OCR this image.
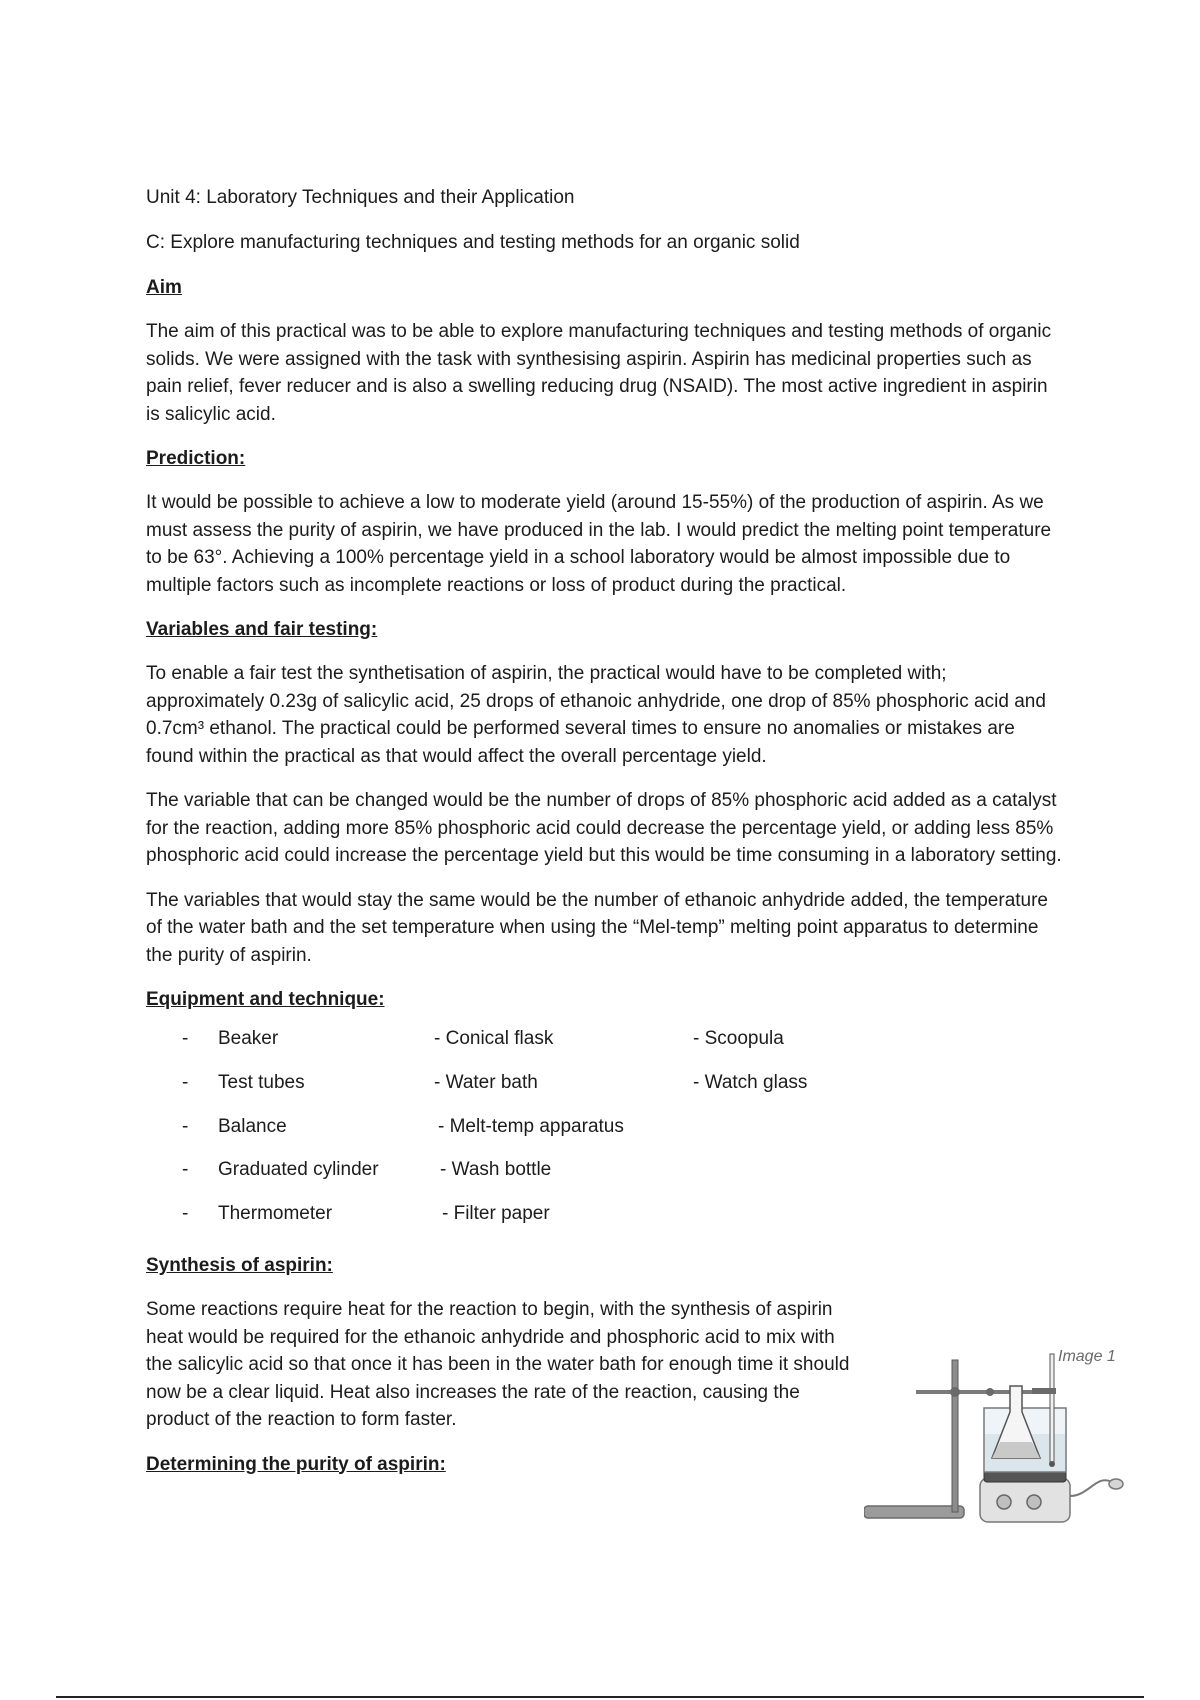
Unit 4: Laboratory Techniques and their Application
C: Explore manufacturing techniques and testing methods for an organic solid
Aim

The aim of this practical was to be able to explore manufacturing techniques and testing methods of organic solids. We were assigned with the task with synthesising aspirin. Aspirin has medicinal properties such as pain relief, fever reducer and is also a swelling reducing drug (NSAID). The most active ingredient in aspirin is salicylic acid.

Prediction:

It would be possible to achieve a low to moderate yield (around 15-55%) of the production of aspirin. As we must assess the purity of aspirin, we have produced in the lab. I would predict the melting point temperature to be 63°. Achieving a 100% percentage yield in a school laboratory would be almost impossible due to multiple factors such as incomplete reactions or loss of product during the practical.

Variables and fair testing:

To enable a fair test the synthetisation of aspirin, the practical would have to be completed with; approximately 0.23g of salicylic acid, 25 drops of ethanoic anhydride, one drop of 85% phosphoric acid and 0.7cm³ ethanol. The practical could be performed several times to ensure no anomalies or mistakes are found within the practical as that would affect the overall percentage yield.

The variable that can be changed would be the number of drops of 85% phosphoric acid added as a catalyst for the reaction, adding more 85% phosphoric acid could decrease the percentage yield, or adding less 85% phosphoric acid could increase the percentage yield but this would be time consuming in a laboratory setting.

The variables that would stay the same would be the number of ethanoic anhydride added, the temperature of the water bath and the set temperature when using the “Mel-temp” melting point apparatus to determine the purity of aspirin.

Equipment and technique:
- Beaker	- Conical flask	- Scoopula
- Test tubes	- Water bath	- Watch glass
- Balance	- Melt-temp apparatus
- Graduated cylinder	- Wash bottle
- Thermometer	- Filter paper
Synthesis of aspirin:

Some reactions require heat for the reaction to begin, with the synthesis of aspirin heat would be required for the ethanoic anhydride and phosphoric acid to mix with the salicylic acid so that once it has been in the water bath for enough time it should now be a clear liquid. Heat also increases the rate of the reaction, causing the product of the reaction to form faster.

Determining the purity of aspirin:
Image 1
